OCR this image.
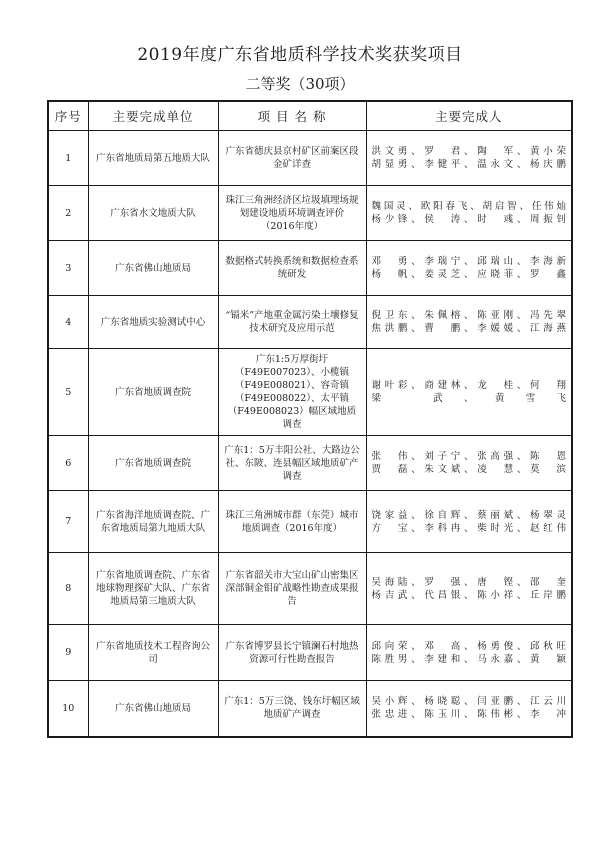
2019年度广东省地质科学技术奖获奖项目
二等奖（30项）
序号	主要完成单位	项 目 名 称	主要完成人
1	广东省地质局第五地质大队	广东省德庆县京村矿区前案区段金矿详查	洪文勇、罗　君、陶　军、黄小荣
胡显勇、李健平、温永文、杨庆鹏

2	广东省水文地质大队	珠江三角洲经济区垃圾填埋场规划建设地质环境调查评价（2016年度）	魏国灵、欧阳春飞、胡启智、任伟灿
杨少锋、侯　涛、时　彧、周振钊

3	广东省佛山地质局	数据格式转换系统和数据检查系统研发	邓　勇、李瑞宁、邱瑞山、李海新
杨　帆、姜灵芝、应晓菲、罗　鑫

4	广东省地质实验测试中心	“镉米”产地重金属污染土壤修复技术研究及应用示范	倪卫东、朱佩榕、陈亚刚、冯先翠
焦洪鹏、曹　鹏、李媛媛、江海燕

5	广东省地质调查院	广东1:5万厚街圩（F49E007023）、小榄镇（F49E008021）、容奇镇（F49E008022）、太平镇（F49E008023）幅区域地质调查	谢叶彩、商建林、龙　桂、何　翔
梁　武、黄雪飞

6	广东省地质调查院	广东1：5万丰阳公社、大路边公社、东陂、连县幅区域地质矿产调查	张　伟、刘子宁、张高强、陈　恩
贾　磊、朱文斌、凌　慧、莫　滨

7	广东省海洋地质调查院、广东省地质局第九地质大队	珠江三角洲城市群（东莞）城市地质调查（2016年度）	饶家益、徐自辉、蔡丽斌、杨翠灵
方　宝、李科冉、柴时光、赵红伟

8	广东省地质调查院、广东省地球物理探矿大队、广东省地质局第三地质大队	广东省韶关市大宝山矿山密集区深部铜金钼矿战略性勘查成果报告	吴海陆、罗　强、唐　铿、邵　奎
杨吉武、代昌银、陈小祥、丘岸鹏

9	广东省地质技术工程咨询公司	广东省博罗县长宁镇澜石村地热资源可行性勘查报告	邱向荣、邓　高、杨勇俊、邱秋旺
陈胜男、李建和、马永嘉、黄　颖

10	广东省佛山地质局	广东1：5万三饶、钱东圩幅区域地质矿产调查	吴小辉、杨晓聪、闫亚鹏、江云川
张忠进、陈玉川、陈伟彬、李　冲
